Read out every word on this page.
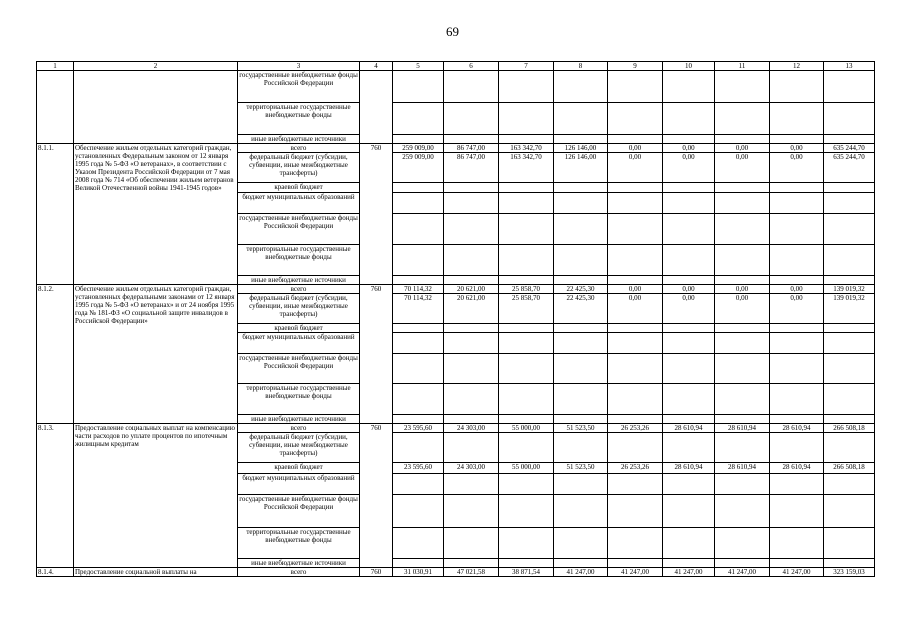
69
1	2	3	4	5	6	7	8	9	10	11	12	13
		государственные внебюджетные фонды Российской Федерации										
		территориальные государственные внебюджетные фонды										
		иные внебюджетные источники										
8.1.1.	Обеспечение жильем отдельных категорий граждан, установленных Федеральным законом от 12 января 1995 года № 5-ФЗ «О ветеранах», в соответствии с Указом Президента Российской Федерации от 7 мая 2008 года № 714 «Об обеспечении жильем ветеранов Великой Отечественной войны 1941-1945 годов»	всего	760	259 009,00	86 747,00	163 342,70	126 146,00	0,00	0,00	0,00	0,00	635 244,70
		федеральный бюджет (субсидии, субвенции, иные межбюджетные трансферты)		259 009,00	86 747,00	163 342,70	126 146,00	0,00	0,00	0,00	0,00	635 244,70
		краевой бюджет										
		бюджет муниципальных образований										
		государственные внебюджетные фонды Российской Федерации										
		территориальные государственные внебюджетные фонды										
		иные внебюджетные источники										
8.1.2.	Обеспечение жильем отдельных категорий граждан, установленных федеральными законами от 12 января 1995 года № 5-ФЗ «О ветеранах» и от 24 ноября 1995 года № 181-ФЗ «О социальной защите инвалидов в Российской Федерации»	всего	760	70 114,32	20 621,00	25 858,70	22 425,30	0,00	0,00	0,00	0,00	139 019,32
		федеральный бюджет (субсидии, субвенции, иные межбюджетные трансферты)		70 114,32	20 621,00	25 858,70	22 425,30	0,00	0,00	0,00	0,00	139 019,32
		краевой бюджет										
		бюджет муниципальных образований										
		государственные внебюджетные фонды Российской Федерации										
		территориальные государственные внебюджетные фонды										
		иные внебюджетные источники										
8.1.3.	Предоставление социальных выплат на компенсацию части расходов по уплате процентов по ипотечным жилищным кредитам	всего	760	23 595,60	24 303,00	55 000,00	51 523,50	26 253,26	28 610,94	28 610,94	28 610,94	266 508,18
		федеральный бюджет (субсидии, субвенции, иные межбюджетные трансферты)										
		краевой бюджет		23 595,60	24 303,00	55 000,00	51 523,50	26 253,26	28 610,94	28 610,94	28 610,94	266 508,18
		бюджет муниципальных образований										
		государственные внебюджетные фонды Российской Федерации										
		территориальные государственные внебюджетные фонды										
		иные внебюджетные источники										
8.1.4.	Предоставление социальной выплаты на	всего	760	31 030,91	47 021,58	38 871,54	41 247,00	41 247,00	41 247,00	41 247,00	41 247,00	323 159,03
